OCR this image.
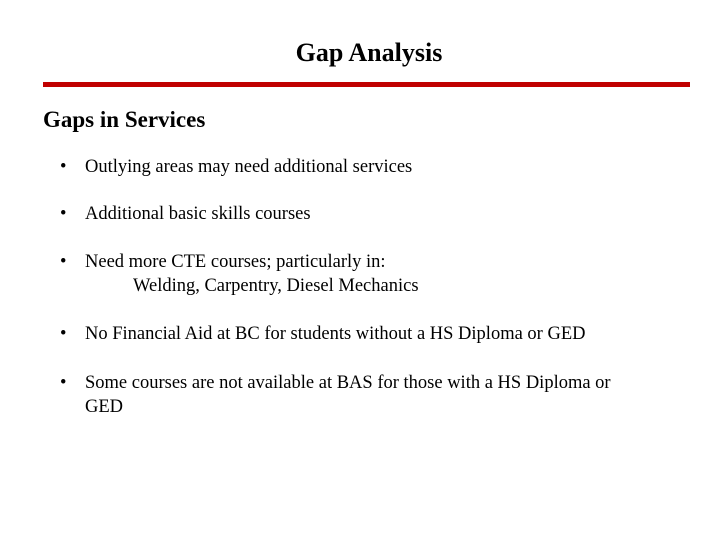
Gap Analysis
Gaps in Services
• Outlying areas may need additional services
• Additional basic skills courses
• Need more CTE courses; particularly in:
Welding, Carpentry, Diesel Mechanics
• No Financial Aid at BC for students without a HS Diploma or GED
• Some courses are not available at BAS for those with a HS Diploma or
GED
